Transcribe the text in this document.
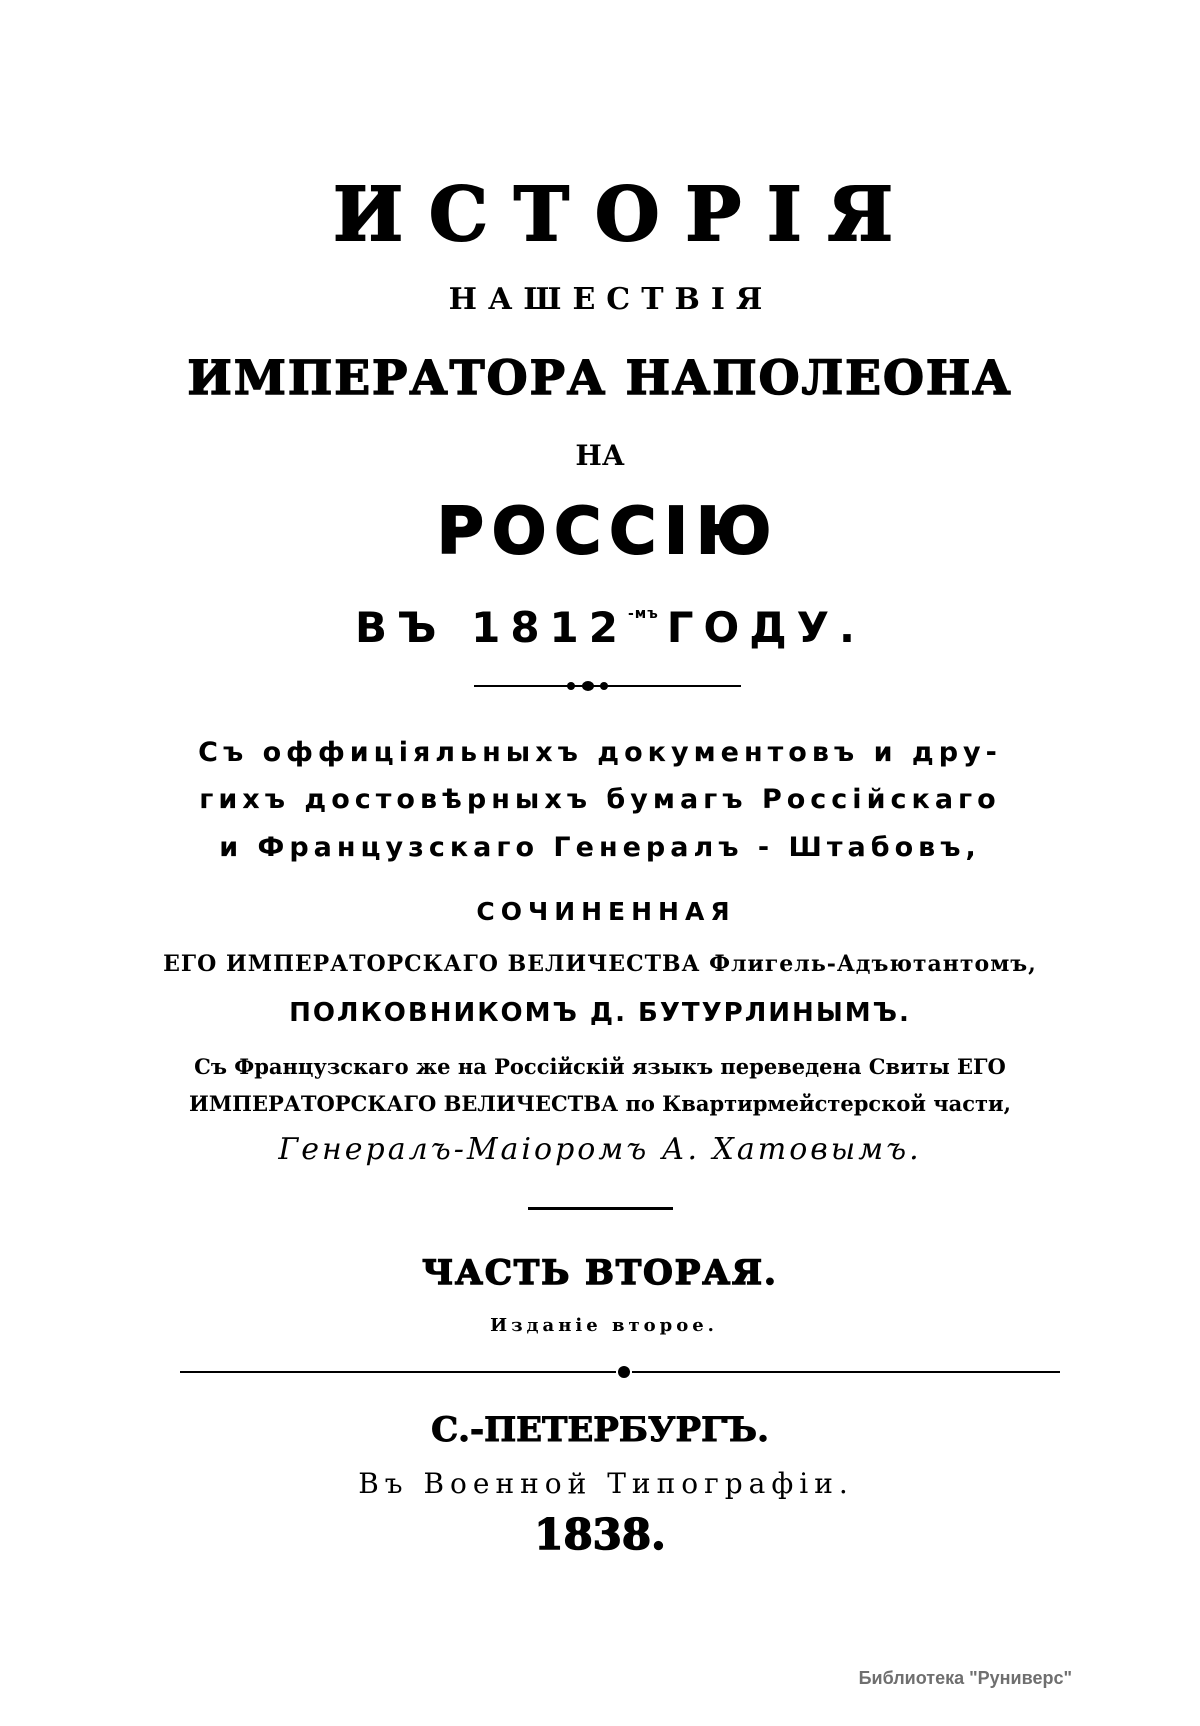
ИСТОРІЯ
НАШЕСТВІЯ
ИМПЕРАТОРА НАПОЛЕОНА
НА
РОССІЮ
ВЪ $1812^{-мъ}$ ГОДУ.
Съ оффиціяльныхъ документовъ и дру-
гихъ достовѣрныхъ бумагъ Россійскаго
и Французскаго Генералъ - Штабовъ,
СОЧИНЕННАЯ
ЕГО ИМПЕРАТОРСКАГО ВЕЛИЧЕСТВА Флигель-Адъютантомъ,
ПОЛКОВНИКОМЪ Д. БУТУРЛИНЫМЪ.
Съ Французскаго же на Россійскій языкъ переведена Свиты ЕГО
ИМПЕРАТОРСКАГО ВЕЛИЧЕСТВА по Квартирмейстерской части,
Генералъ-Маіоромъ А. Хатовымъ.
ЧАСТЬ ВТОРАЯ.
Изданіе второе.
С.-ПЕТЕРБУРГЪ.
Въ Военной Типографіи.
1838.
Библиотека "Руниверс"
